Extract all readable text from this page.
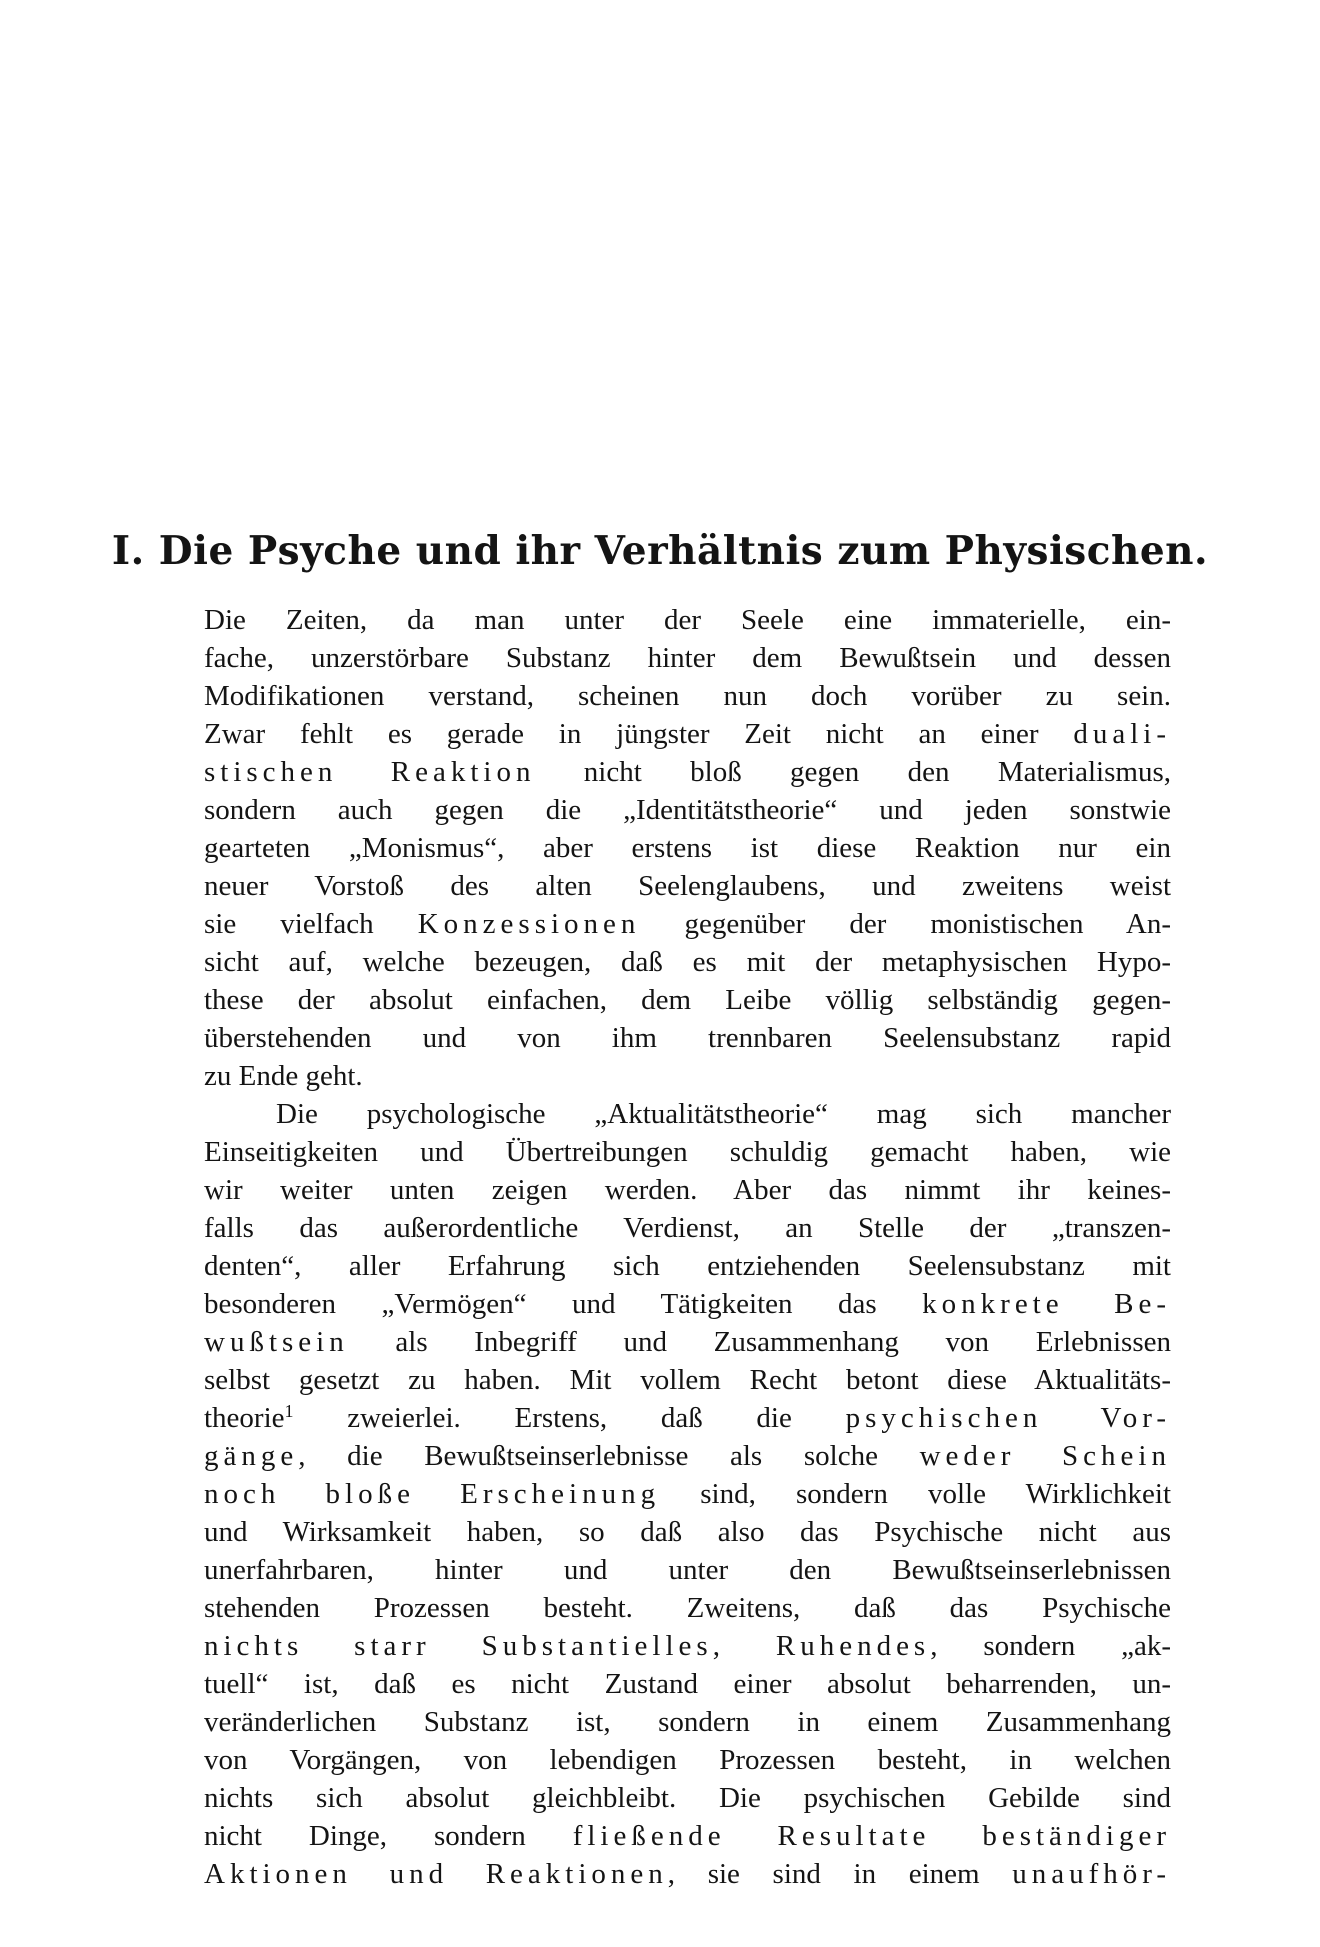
I. Die Psyche und ihr Verhältnis zum Physischen.
Die Zeiten, da man unter der Seele eine immaterielle, ein-
fache, unzerstörbare Substanz hinter dem Bewußtsein und dessen
Modifikationen verstand, scheinen nun doch vorüber zu sein.
Zwar fehlt es gerade in jüngster Zeit nicht an einer duali-
stischen Reaktion nicht bloß gegen den Materialismus,
sondern auch gegen die „Identitätstheorie“ und jeden sonstwie
gearteten „Monismus“, aber erstens ist diese Reaktion nur ein
neuer Vorstoß des alten Seelenglaubens, und zweitens weist
sie vielfach Konzessionen gegenüber der monistischen An-
sicht auf, welche bezeugen, daß es mit der metaphysischen Hypo-
these der absolut einfachen, dem Leibe völlig selbständig gegen-
überstehenden und von ihm trennbaren Seelensubstanz rapid
zu Ende geht.
Die psychologische „Aktualitätstheorie“ mag sich mancher
Einseitigkeiten und Übertreibungen schuldig gemacht haben, wie
wir weiter unten zeigen werden. Aber das nimmt ihr keines-
falls das außerordentliche Verdienst, an Stelle der „transzen-
denten“, aller Erfahrung sich entziehenden Seelensubstanz mit
besonderen „Vermögen“ und Tätigkeiten das konkrete Be-
wußtsein als Inbegriff und Zusammenhang von Erlebnissen
selbst gesetzt zu haben. Mit vollem Recht betont diese Aktualitäts-
theorie$^1$ zweierlei. Erstens, daß die psychischen Vor-
gänge, die Bewußtseinserlebnisse als solche weder Schein
noch bloße Erscheinung sind, sondern volle Wirklichkeit
und Wirksamkeit haben, so daß also das Psychische nicht aus
unerfahrbaren, hinter und unter den Bewußtseinserlebnissen
stehenden Prozessen besteht. Zweitens, daß das Psychische
nichts starr Substantielles, Ruhendes, sondern „ak-
tuell“ ist, daß es nicht Zustand einer absolut beharrenden, un-
veränderlichen Substanz ist, sondern in einem Zusammenhang
von Vorgängen, von lebendigen Prozessen besteht, in welchen
nichts sich absolut gleichbleibt. Die psychischen Gebilde sind
nicht Dinge, sondern fließende Resultate beständiger
Aktionen und Reaktionen, sie sind in einem unaufhör-
